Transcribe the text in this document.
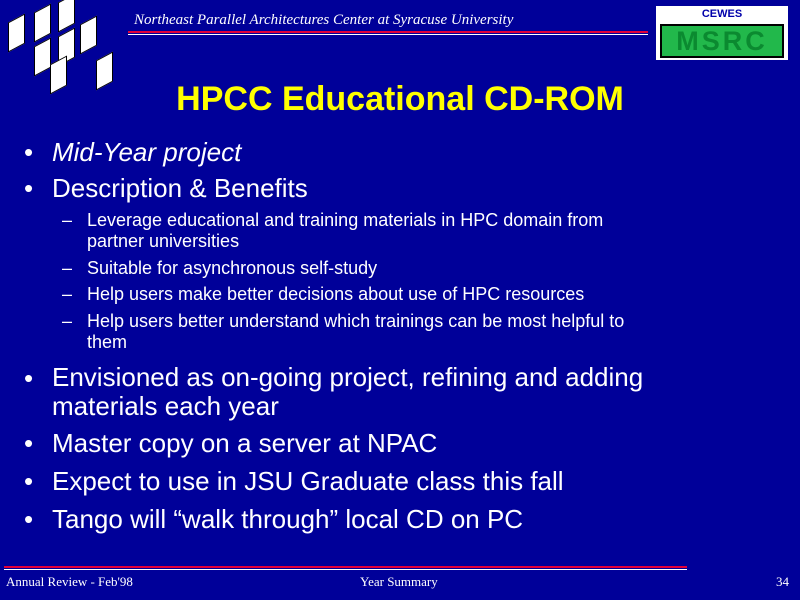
Northeast Parallel Architectures Center at Syracuse University	CEWES
MSRC
HPCC Educational CD-ROM
• Mid-Year project
• Description & Benefits
– Leverage educational and training materials in HPC domain from
partner universities
– Suitable for asynchronous self-study
– Help users make better decisions about use of HPC resources
– Help users better understand which trainings can be most helpful to
them
• Envisioned as on-going project, refining and adding
materials each year
• Master copy on a server at NPAC
• Expect to use in JSU Graduate class this fall
• Tango will “walk through” local CD on PC
Annual Review - Feb'98	Year Summary	34
